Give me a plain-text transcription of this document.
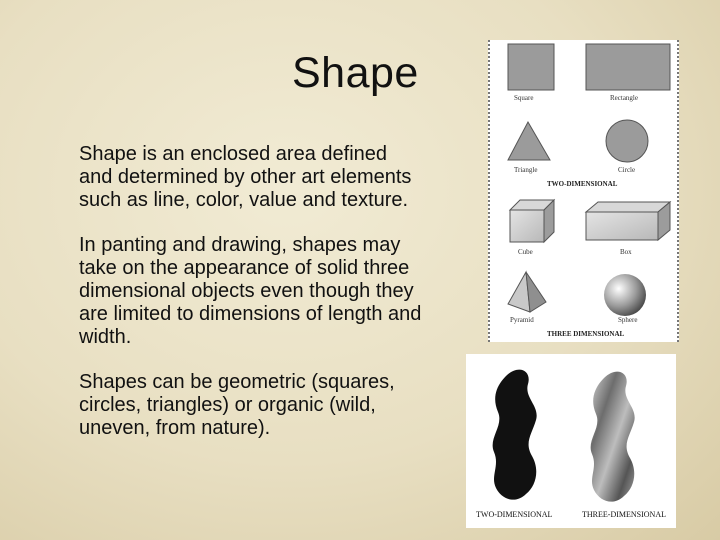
Shape

Shape is an enclosed area defined
and determined by other art elements
such as line, color, value and texture.

In panting and drawing, shapes may
take on the appearance of solid three
dimensional objects even though they
are limited to dimensions of length and
width.

Shapes can be geometric (squares,
circles, triangles) or organic (wild,
uneven, from nature).

Square	Rectangle
Triangle	Circle
TWO-DIMENSIONAL
Cube	Box
Pyramid	Sphere
THREE DIMENSIONAL
TWO-DIMENSIONAL	THREE-DIMENSIONAL
